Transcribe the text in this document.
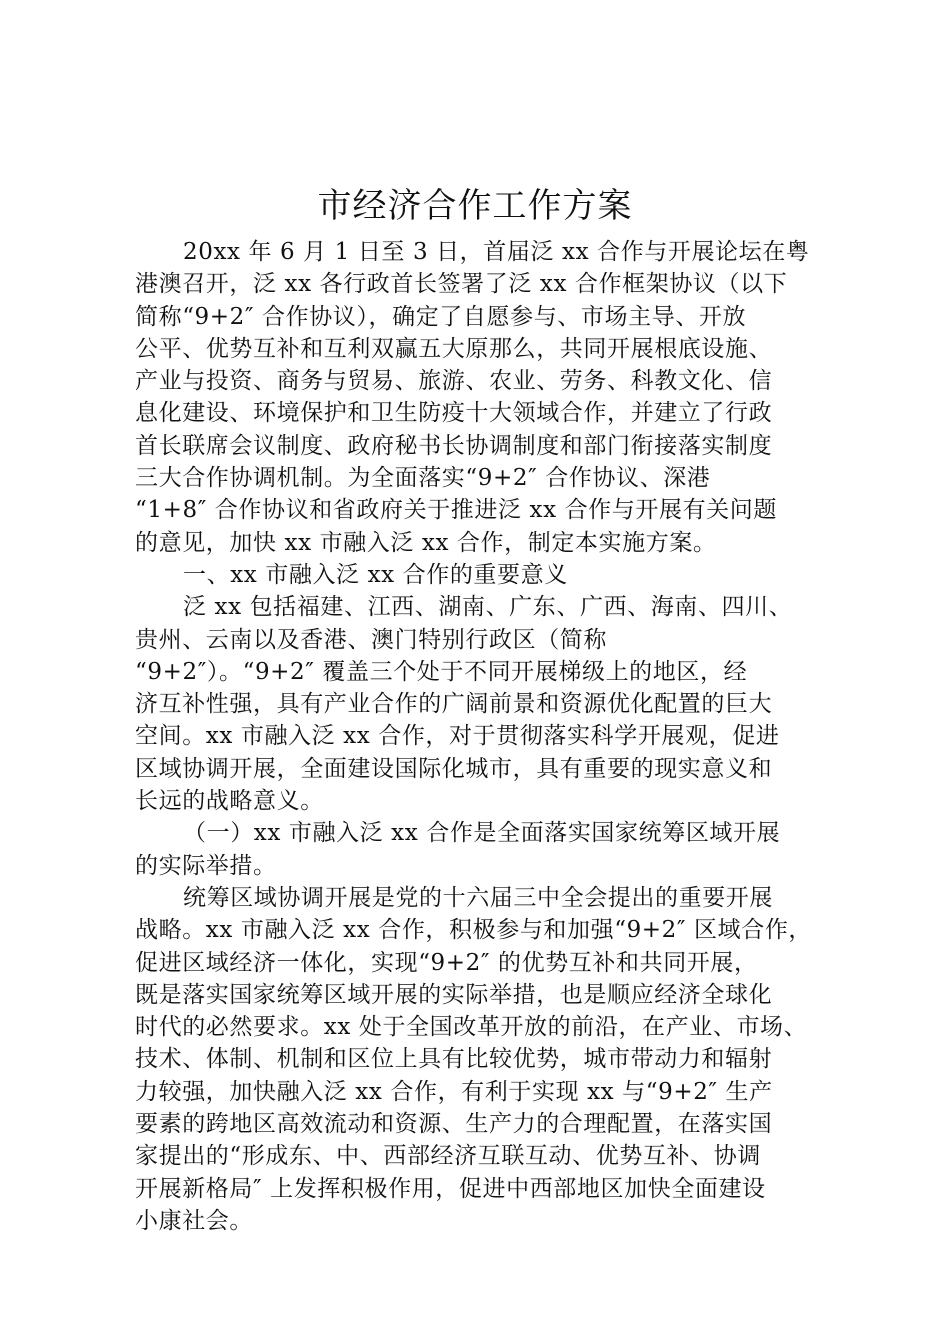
市经济合作工作方案
20xx 年 6 月 1 日至 3 日，首届泛 xx 合作与开展论坛在粤
港澳召开，泛 xx 各行政首长签署了泛 xx 合作框架协议（以下
简称“9+2″ 合作协议），确定了自愿参与、市场主导、开放
公平、优势互补和互利双赢五大原那么，共同开展根底设施、
产业与投资、商务与贸易、旅游、农业、劳务、科教文化、信
息化建设、环境保护和卫生防疫十大领域合作，并建立了行政
首长联席会议制度、政府秘书长协调制度和部门衔接落实制度
三大合作协调机制。为全面落实“9+2″ 合作协议、深港
“1+8″ 合作协议和省政府关于推进泛 xx 合作与开展有关问题
的意见，加快 xx 市融入泛 xx 合作，制定本实施方案。
一、xx 市融入泛 xx 合作的重要意义
泛 xx 包括福建、江西、湖南、广东、广西、海南、四川、
贵州、云南以及香港、澳门特别行政区（简称
“9+2″）。“9+2″ 覆盖三个处于不同开展梯级上的地区，经
济互补性强，具有产业合作的广阔前景和资源优化配置的巨大
空间。xx 市融入泛 xx 合作，对于贯彻落实科学开展观，促进
区域协调开展，全面建设国际化城市，具有重要的现实意义和
长远的战略意义。
（一）xx 市融入泛 xx 合作是全面落实国家统筹区域开展
的实际举措。
统筹区域协调开展是党的十六届三中全会提出的重要开展
战略。xx 市融入泛 xx 合作，积极参与和加强“9+2″ 区域合作，
促进区域经济一体化，实现“9+2″ 的优势互补和共同开展，
既是落实国家统筹区域开展的实际举措，也是顺应经济全球化
时代的必然要求。xx 处于全国改革开放的前沿，在产业、市场、
技术、体制、机制和区位上具有比较优势，城市带动力和辐射
力较强，加快融入泛 xx 合作，有利于实现 xx 与“9+2″ 生产
要素的跨地区高效流动和资源、生产力的合理配置，在落实国
家提出的“形成东、中、西部经济互联互动、优势互补、协调
开展新格局″ 上发挥积极作用，促进中西部地区加快全面建设
小康社会。
